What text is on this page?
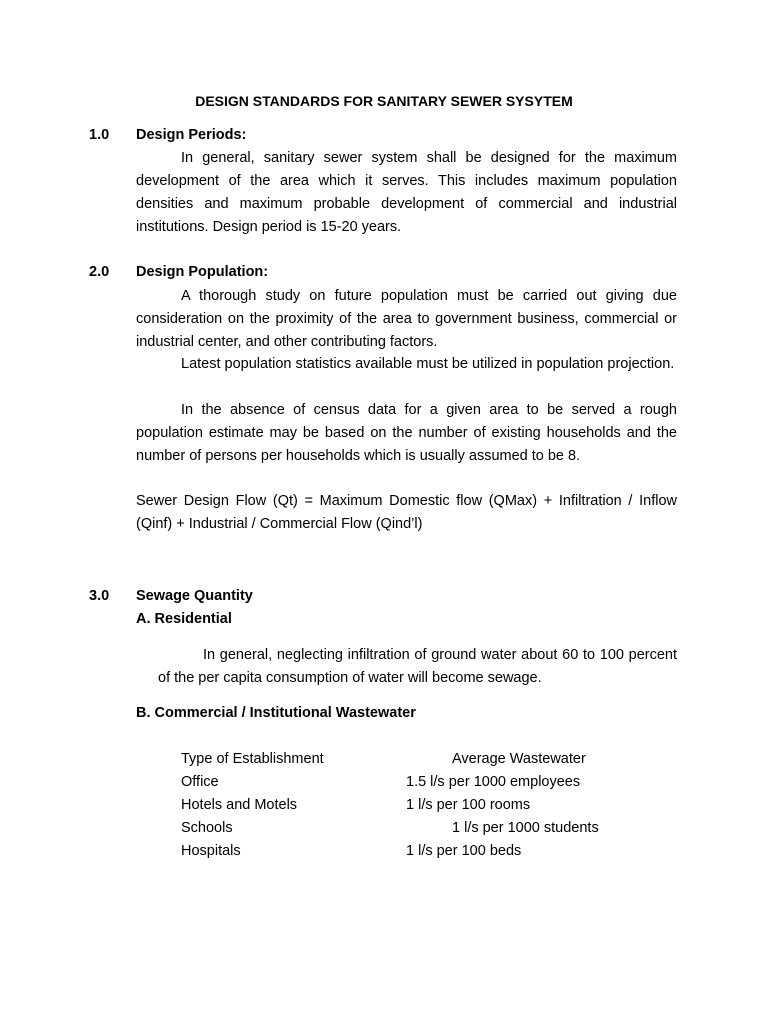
DESIGN STANDARDS FOR SANITARY SEWER SYSYTEM
1.0 Design Periods:

In general, sanitary sewer system shall be designed for the maximum development of the area which it serves. This includes maximum population densities and maximum probable development of commercial and industrial institutions. Design period is 15-20 years.

2.0 Design Population:

A thorough study on future population must be carried out giving due consideration on the proximity of the area to government business, commercial or industrial center, and other contributing factors.

Latest population statistics available must be utilized in population projection.

In the absence of census data for a given area to be served a rough population estimate may be based on the number of existing households and the number of persons per households which is usually assumed to be 8.

Sewer Design Flow (Qt) = Maximum Domestic flow (QMax) + Infiltration / Inflow (Qinf) + Industrial / Commercial Flow (Qind’l)

3.0 Sewage Quantity
A. Residential

In general, neglecting infiltration of ground water about 60 to 100 percent of the per capita consumption of water will become sewage.

B. Commercial / Institutional Wastewater
Type of Establishment	Average Wastewater
Office	1.5 l/s per 1000 employees
Hotels and Motels	1 l/s per 100 rooms
Schools	1 l/s per 1000 students
Hospitals	1 l/s per 100 beds
